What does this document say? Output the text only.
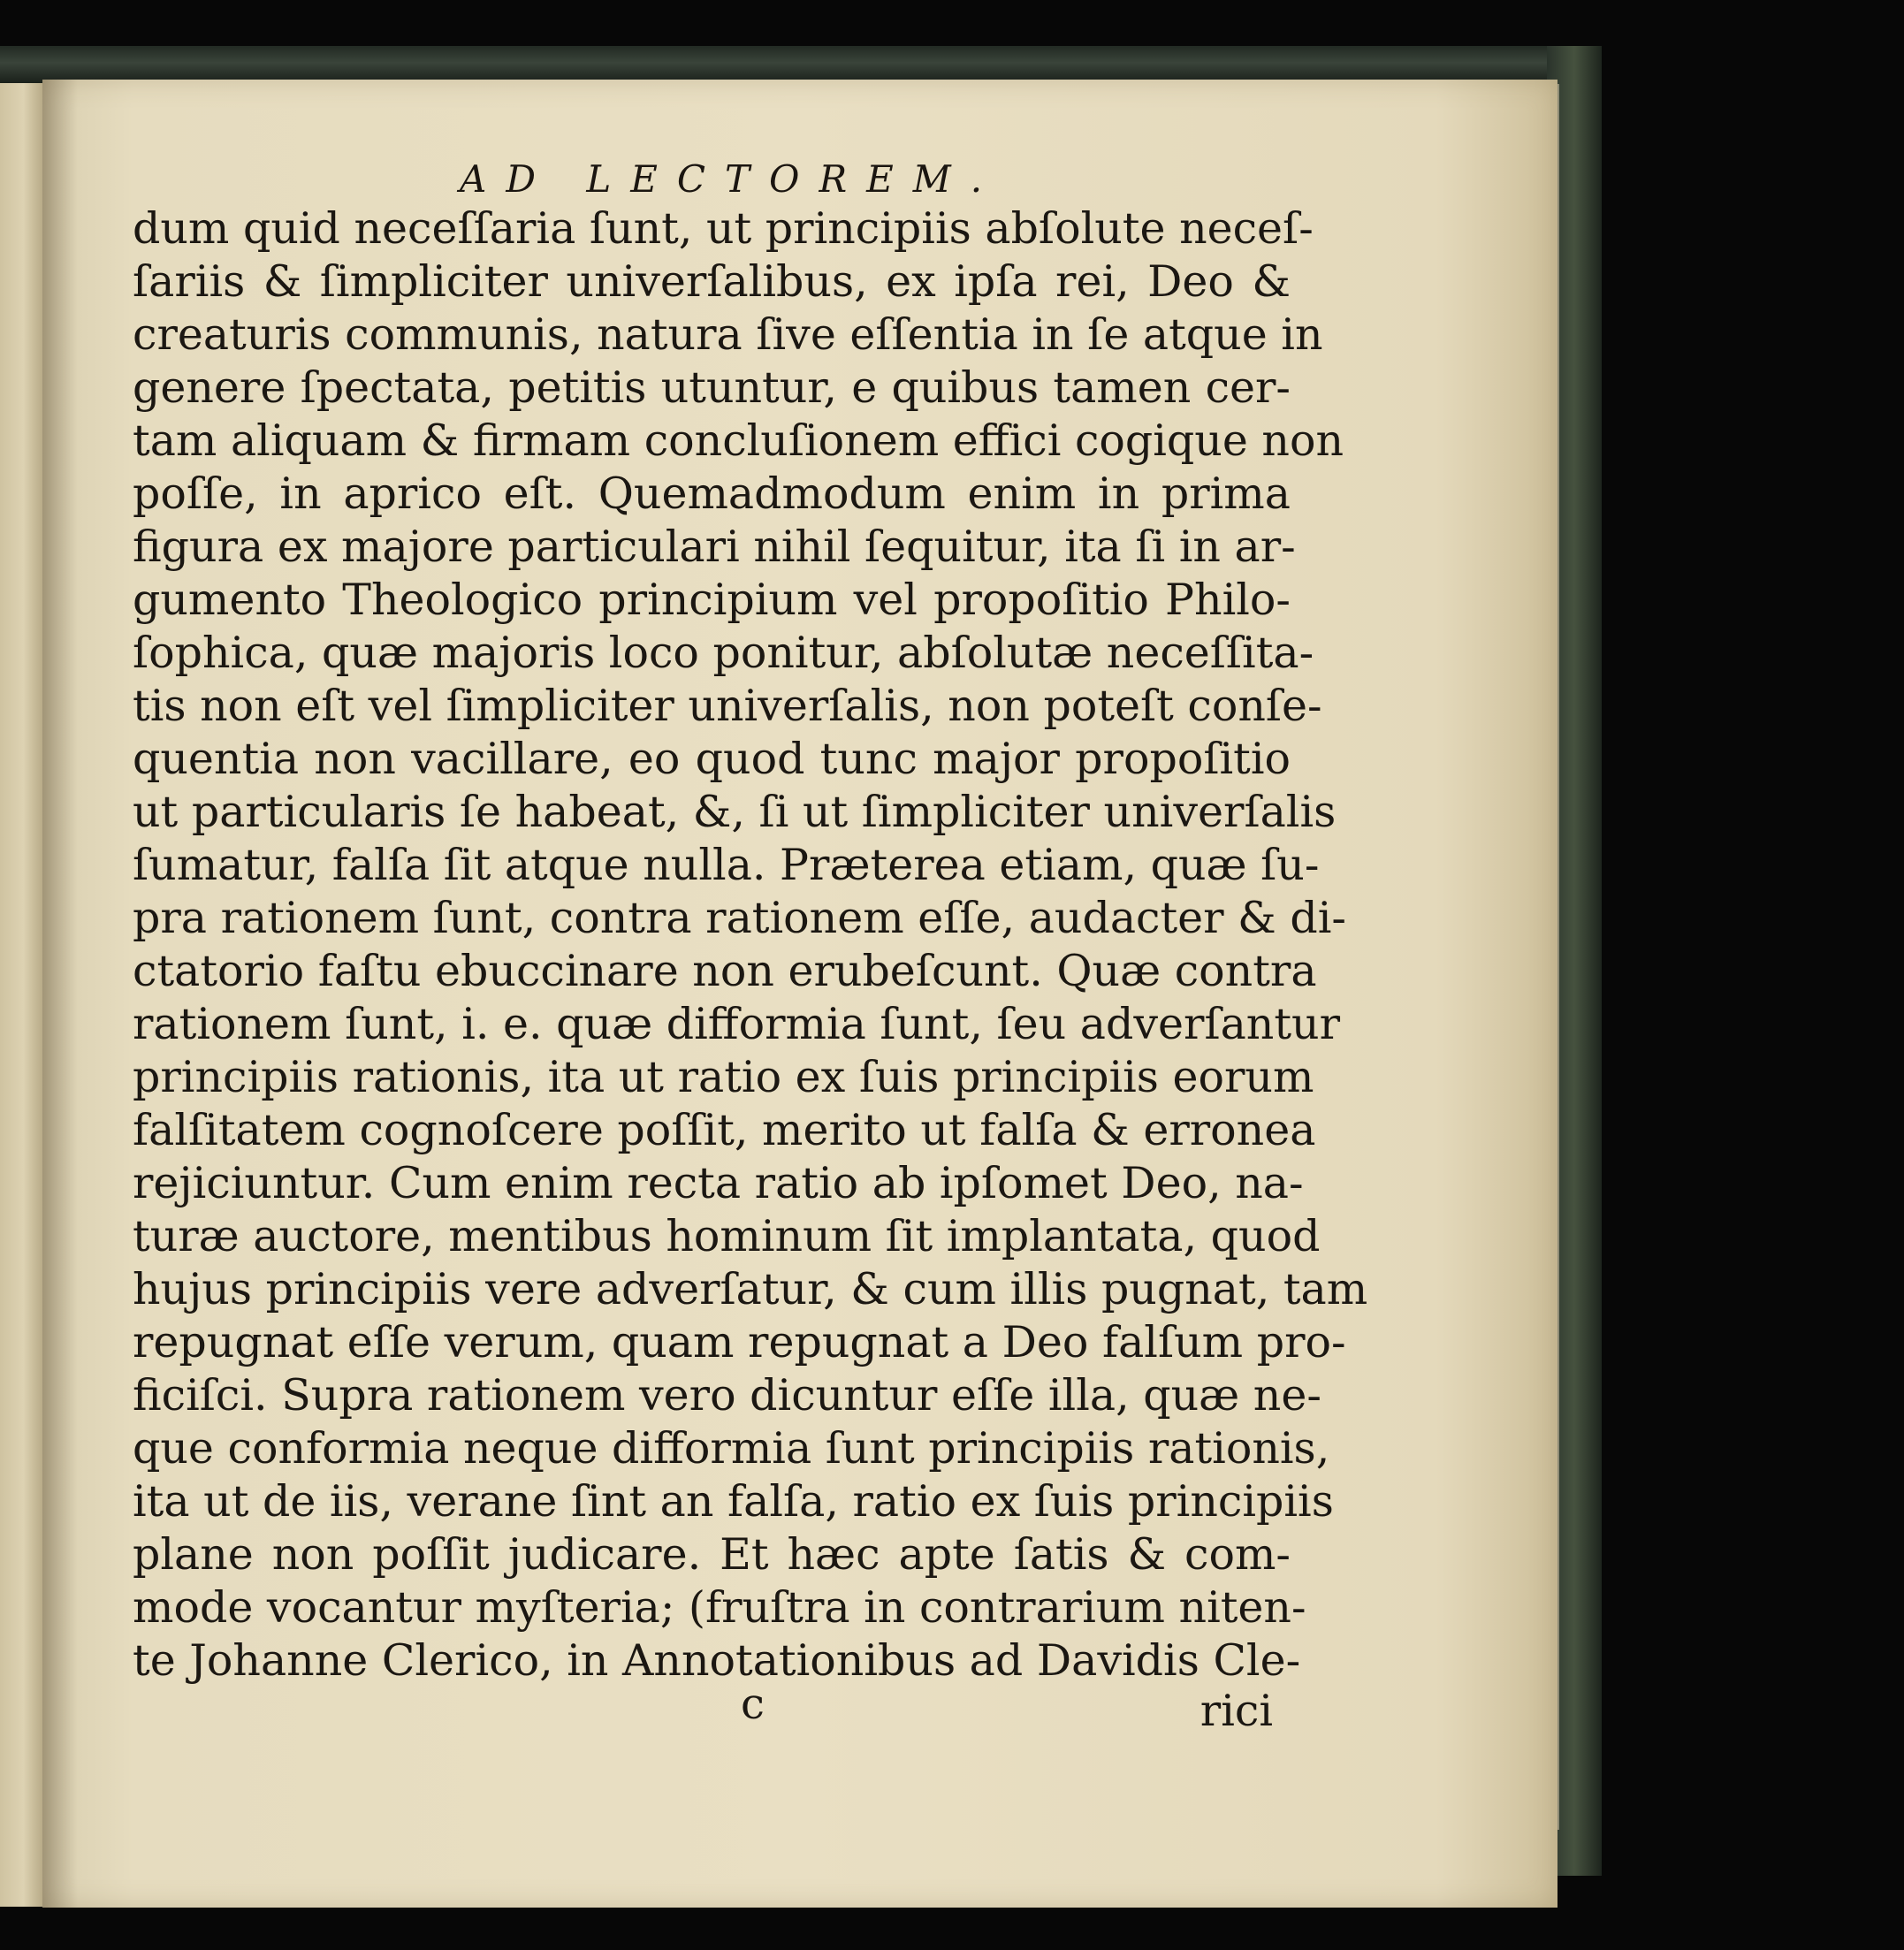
AD LECTOREM.
dum quid neceſſaria ſunt, ut principiis abſolute neceſ-
ſariis & ſimpliciter univerſalibus, ex ipſa rei, Deo &
creaturis communis, natura ſive eſſentia in ſe atque in
genere ſpectata, petitis utuntur, e quibus tamen cer-
tam aliquam & firmam concluſionem effici cogique non
poſſe, in aprico eſt. Quemadmodum enim in prima
figura ex majore particulari nihil ſequitur, ita ſi in ar-
gumento Theologico principium vel propoſitio Philo-
ſophica, quæ majoris loco ponitur, abſolutæ neceſſita-
tis non eſt vel ſimpliciter univerſalis, non poteſt conſe-
quentia non vacillare, eo quod tunc major propoſitio
ut particularis ſe habeat, &, ſi ut ſimpliciter univerſalis
ſumatur, falſa ſit atque nulla. Præterea etiam, quæ ſu-
pra rationem ſunt, contra rationem eſſe, audacter & di-
ctatorio faſtu ebuccinare non erubeſcunt. Quæ contra
rationem ſunt, i. e. quæ difformia ſunt, ſeu adverſantur
principiis rationis, ita ut ratio ex ſuis principiis eorum
falſitatem cognoſcere poſſit, merito ut falſa & erronea
rejiciuntur. Cum enim recta ratio ab ipſomet Deo, na-
turæ auctore, mentibus hominum ſit implantata, quod
hujus principiis vere adverſatur, & cum illis pugnat, tam
repugnat eſſe verum, quam repugnat a Deo falſum pro-
ficiſci. Supra rationem vero dicuntur eſſe illa, quæ ne-
que conformia neque difformia ſunt principiis rationis,
ita ut de iis, verane ſint an falſa, ratio ex ſuis principiis
plane non poſſit judicare. Et hæc apte ſatis & com-
mode vocantur myſteria; (fruſtra in contrarium niten-
te Johanne Clerico, in Annotationibus ad Davidis Cle-
c	rici
